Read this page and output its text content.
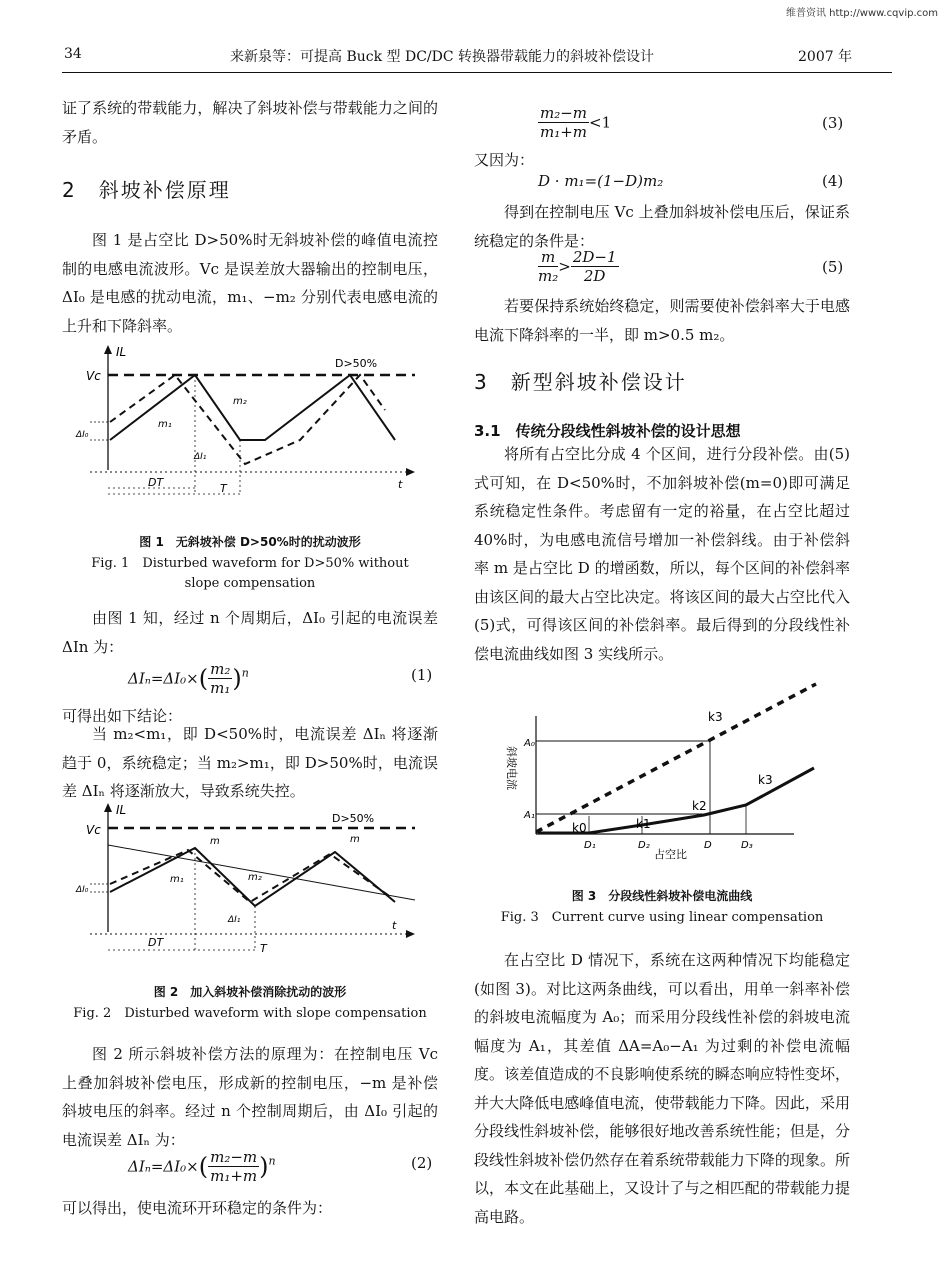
维普资讯 http://www.cqvip.com
34	来新泉等：可提高 Buck 型 DC/DC 转换器带载能力的斜坡补偿设计	2007 年
证了系统的带载能力，解决了斜坡补偿与带载能力之间的矛盾。
2　斜坡补偿原理
图 1 是占空比 D>50%时无斜坡补偿的峰值电流控制的电感电流波形。Vc 是误差放大器输出的控制电压，ΔI₀ 是电感的扰动电流，m₁、−m₂ 分别代表电感电流的上升和下降斜率。
IL
Vc
ΔI₀
ΔI₁
m₁
m₂
D>50%
DT	T	t
图 1　无斜坡补偿 D>50%时的扰动波形
Fig. 1　Disturbed waveform for D>50% without slope compensation
由图 1 知，经过 n 个周期后，ΔI₀ 引起的电流误差 ΔIn 为：
$\Delta I_n=\Delta I_0\times( \frac{\text{m₂}}{\text{m₁}} )^n$	(1)
可得出如下结论：
当 m₂<m₁，即 D<50%时，电流误差 ΔIₙ 将逐渐趋于 0，系统稳定；当 m₂>m₁，即 D>50%时，电流误差 ΔIₙ 将逐渐放大，导致系统失控。
IL
Vc
ΔI₀
ΔI₁
m	m
m₁	m₂
D>50%
DT	T
t
图 2　加入斜坡补偿消除扰动的波形
Fig. 2　Disturbed waveform with slope compensation
图 2 所示斜坡补偿方法的原理为：在控制电压 Vc 上叠加斜坡补偿电压，形成新的控制电压，−m 是补偿斜坡电压的斜率。经过 n 个控制周期后，由 ΔI₀ 引起的电流误差 ΔIₙ 为：
$\Delta I_n=\Delta I_0\times( \frac{\text{m₂−m}}{\text{m₁+m}} )^n$	(2)
可以得出，使电流环开环稳定的条件为：
$\frac{\text{m₂−m}}{\text{m₁+m}} <1$	(3)
又因为：
D · m₁=(1−D)m₂	(4)
得到在控制电压 Vc 上叠加斜坡补偿电压后，保证系统稳定的条件是：
$\frac{m}{\text{m₂}} > \frac{2D-1}{2D}$	(5)
若要保持系统始终稳定，则需要使补偿斜率大于电感电流下降斜率的一半，即 m>0.5 m₂。
3　新型斜坡补偿设计
3.1　传统分段线性斜坡补偿的设计思想
将所有占空比分成 4 个区间，进行分段补偿。由(5)式可知，在 D<50%时，不加斜坡补偿(m=0)即可满足系统稳定性条件。考虑留有一定的裕量，在占空比超过 40%时，为电感电流信号增加一补偿斜线。由于补偿斜率 m 是占空比 D 的增函数，所以，每个区间的补偿斜率由该区间的最大占空比决定。将该区间的最大占空比代入(5)式，可得该区间的补偿斜率。最后得到的分段线性补偿电流曲线如图 3 实线所示。
斜坡电流
占空比
A₀
A₁
k0	k1
k2
k3
k3
D₁	D₂	D	D₃
图 3　分段线性斜坡补偿电流曲线
Fig. 3　Current curve using linear compensation
在占空比 D 情况下，系统在这两种情况下均能稳定(如图 3)。对比这两条曲线，可以看出，用单一斜率补偿的斜坡电流幅度为 A₀；而采用分段线性补偿的斜坡电流幅度为 A₁，其差值 ΔA=A₀−A₁ 为过剩的补偿电流幅度。该差值造成的不良影响使系统的瞬态响应特性变坏，并大大降低电感峰值电流，使带载能力下降。因此，采用分段线性斜坡补偿，能够很好地改善系统性能；但是，分段线性斜坡补偿仍然存在着系统带载能力下降的现象。所以，本文在此基础上，又设计了与之相匹配的带载能力提高电路。
